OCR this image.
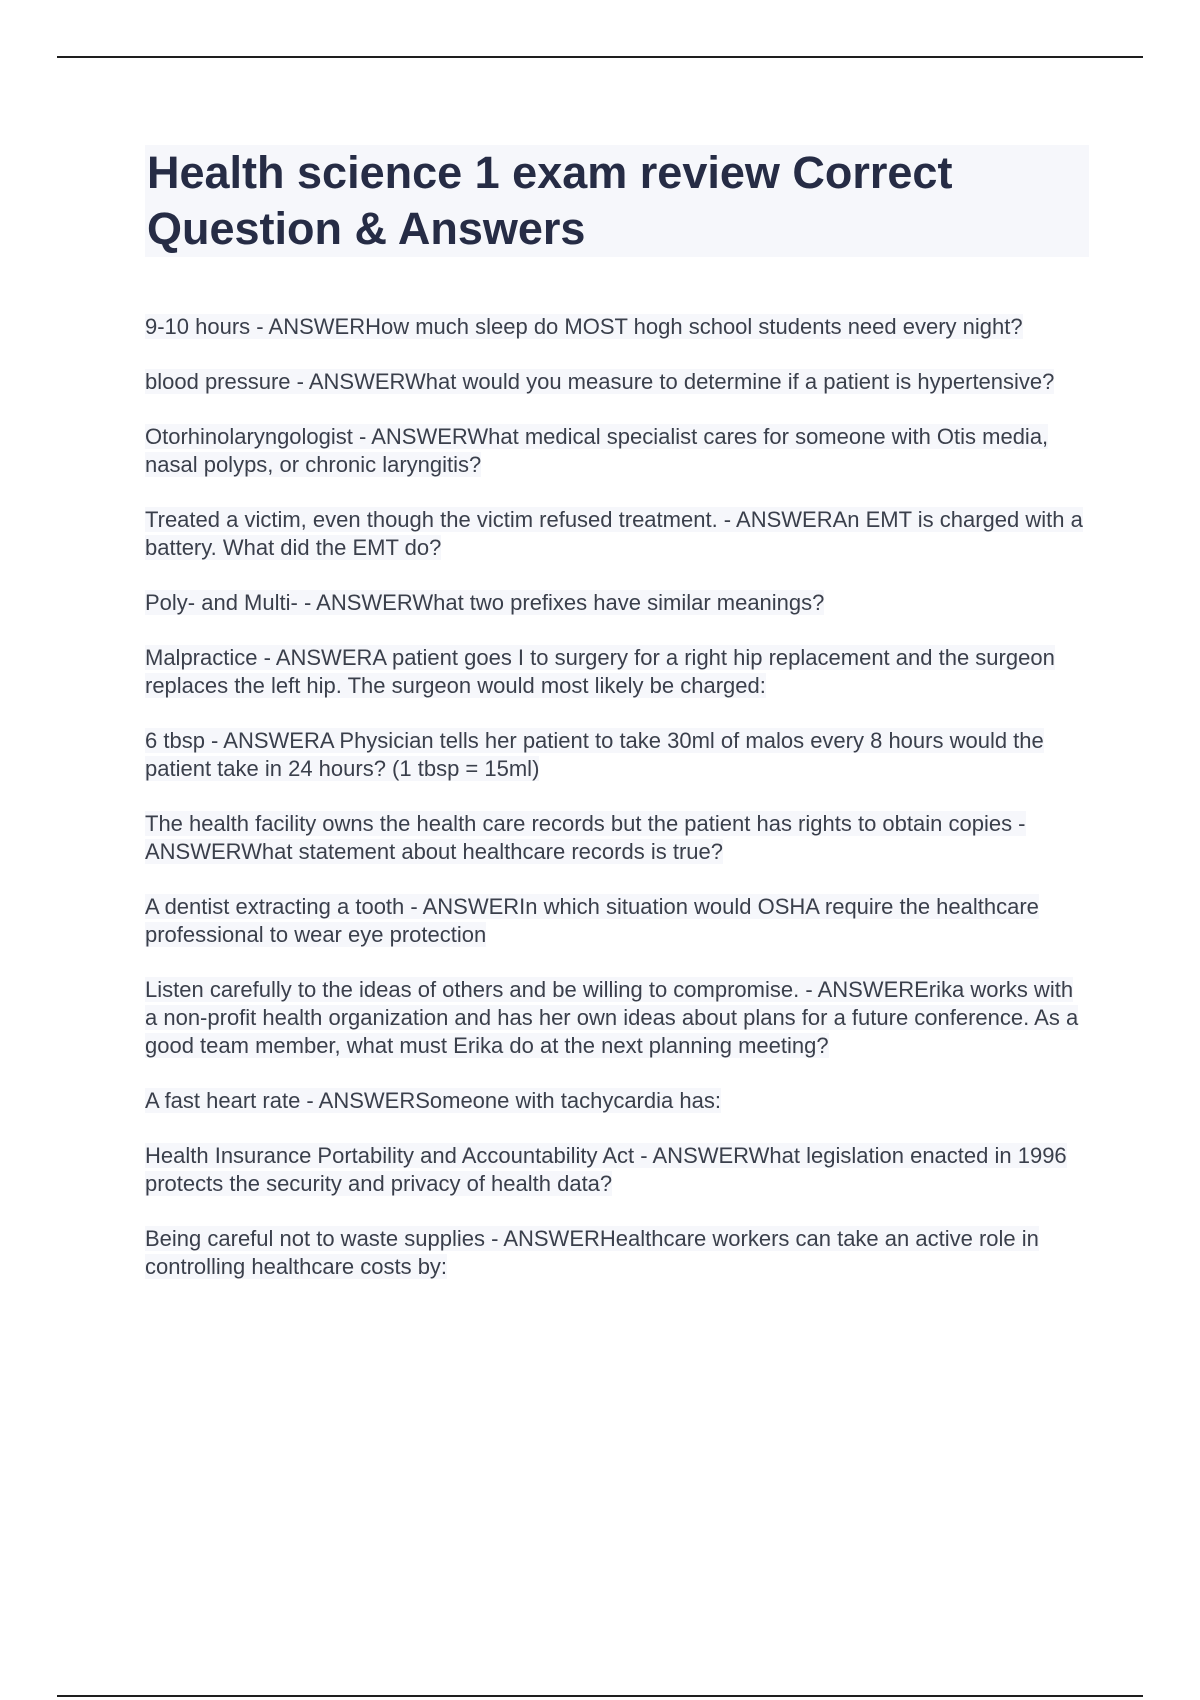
Health science 1 exam review Correct Question & Answers
9-10 hours - ANSWERHow much sleep do MOST hogh school students need every night?
blood pressure - ANSWERWhat would you measure to determine if a patient is hypertensive?
Otorhinolaryngologist - ANSWERWhat medical specialist cares for someone with Otis media, nasal polyps, or chronic laryngitis?
Treated a victim, even though the victim refused treatment. - ANSWERAn EMT is charged with a battery. What did the EMT do?
Poly- and Multi- - ANSWERWhat two prefixes have similar meanings?
Malpractice - ANSWERA patient goes I to surgery for a right hip replacement and the surgeon replaces the left hip. The surgeon would most likely be charged:
6 tbsp - ANSWERA Physician tells her patient to take 30ml of malos every 8 hours would the patient take in 24 hours? (1 tbsp = 15ml)
The health facility owns the health care records but the patient has rights to obtain copies - ANSWERWhat statement about healthcare records is true?
A dentist extracting a tooth - ANSWERIn which situation would OSHA require the healthcare professional to wear eye protection
Listen carefully to the ideas of others and be willing to compromise. - ANSWERErika works with a non-profit health organization and has her own ideas about plans for a future conference. As a good team member, what must Erika do at the next planning meeting?
A fast heart rate - ANSWERSomeone with tachycardia has:
Health Insurance Portability and Accountability Act - ANSWERWhat legislation enacted in 1996 protects the security and privacy of health data?
Being careful not to waste supplies - ANSWERHealthcare workers can take an active role in controlling healthcare costs by:
